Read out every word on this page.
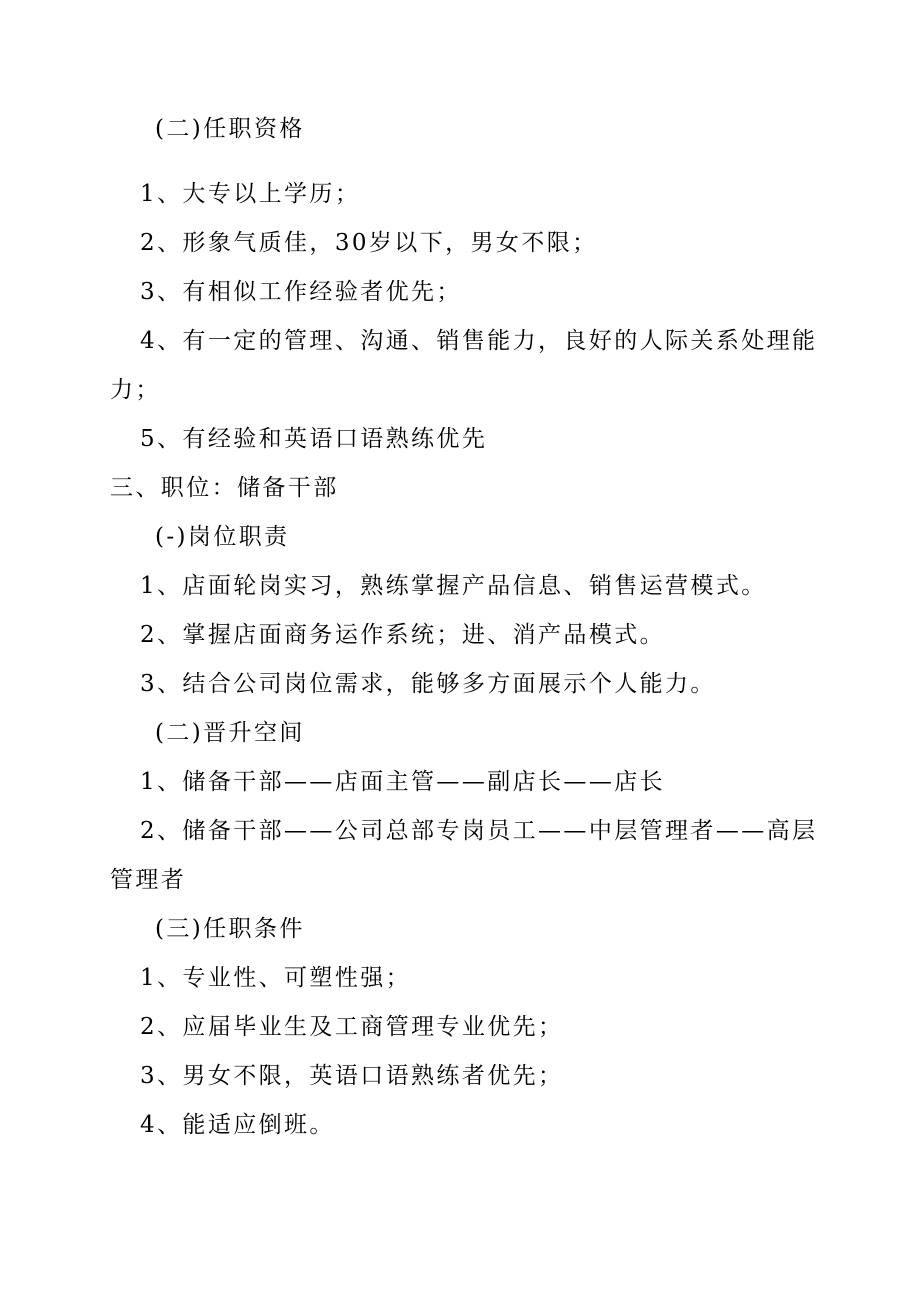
(二)任职资格
1、大专以上学历；
2、形象气质佳，30岁以下，男女不限；
3、有相似工作经验者优先；
4、有一定的管理、沟通、销售能力，良好的人际关系处理能
力；
5、有经验和英语口语熟练优先
三、职位：储备干部
(-)岗位职责
1、店面轮岗实习，熟练掌握产品信息、销售运营模式。
2、掌握店面商务运作系统；进、消产品模式。
3、结合公司岗位需求，能够多方面展示个人能力。
(二)晋升空间
1、储备干部——店面主管——副店长——店长
2、储备干部——公司总部专岗员工——中层管理者——高层
管理者
(三)任职条件
1、专业性、可塑性强；
2、应届毕业生及工商管理专业优先；
3、男女不限，英语口语熟练者优先；
4、能适应倒班。
